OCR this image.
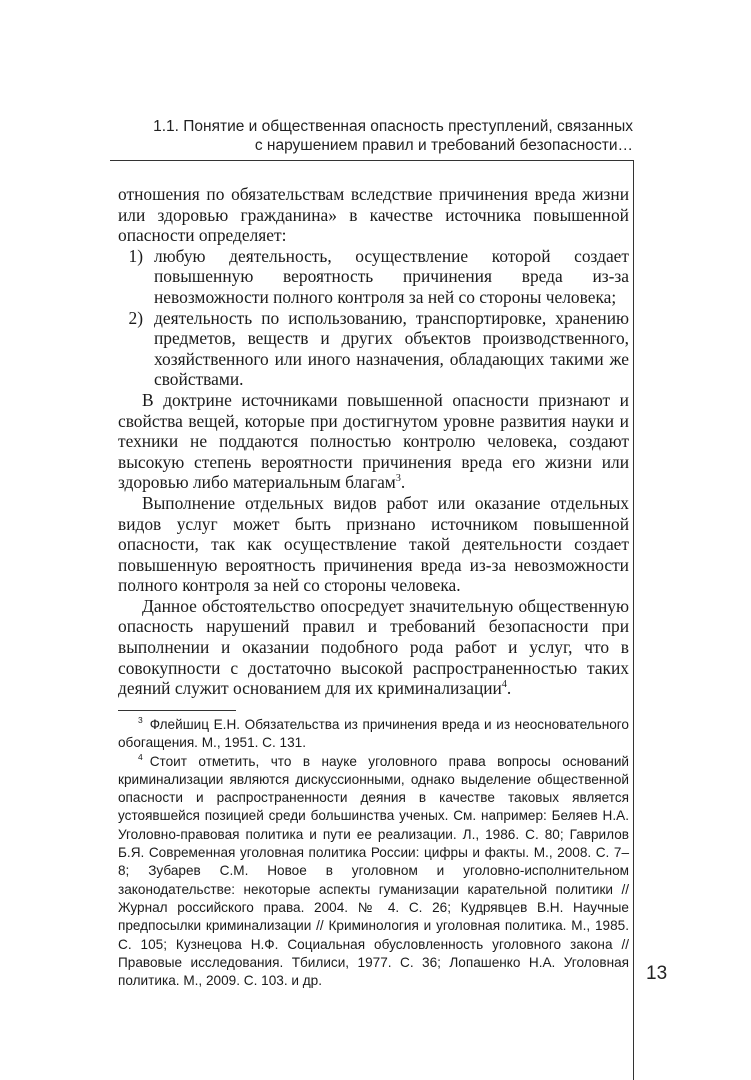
1.1. Понятие и общественная опасность преступлений, связанных
с нарушением правил и требований безопасности…

отношения по обязательствам вследствие причинения вреда жизни или здоровью гражданина» в качестве источника повышенной опасности определяет:

1) любую деятельность, осуществление которой создает повышенную вероятность причинения вреда из-за невозможности полного контроля за ней со стороны человека;
2) деятельность по использованию, транспортировке, хранению предметов, веществ и других объектов производственного, хозяйственного или иного назначения, обладающих такими же свойствами.

В доктрине источниками повышенной опасности признают и свойства вещей, которые при достигнутом уровне развития науки и техники не поддаются полностью контролю человека, создают высокую степень вероятности причинения вреда его жизни или здоровью либо материальным благам$^3$.

Выполнение отдельных видов работ или оказание отдельных видов услуг может быть признано источником повышенной опасности, так как осуществление такой деятельности создает повышенную вероятность причинения вреда из-за невозможности полного контроля за ней со стороны человека.

Данное обстоятельство опосредует значительную общественную опасность нарушений правил и требований безопасности при выполнении и оказании подобного рода работ и услуг, что в совокупности с достаточно высокой распространенностью таких деяний служит основанием для их криминализации$^4$.

$^3$ Флейшиц Е.Н. Обязательства из причинения вреда и из неосновательного обогащения. М., 1951. С. 131.

$^4$ Стоит отметить, что в науке уголовного права вопросы оснований криминализации являются дискуссионными, однако выделение общественной опасности и распространенности деяния в качестве таковых является устоявшейся позицией среди большинства ученых. См. например: Беляев Н.А. Уголовно-правовая политика и пути ее реализации. Л., 1986. С. 80; Гаврилов Б.Я. Современная уголовная политика России: цифры и факты. М., 2008. С. 7–8; Зубарев С.М. Новое в уголовном и уголовно-исполнительном законодательстве: некоторые аспекты гуманизации карательной политики // Журнал российского права. 2004. № 4. С. 26; Кудрявцев В.Н. Научные предпосылки криминализации // Криминология и уголовная политика. М., 1985. С. 105; Кузнецова Н.Ф. Социальная обусловленность уголовного закона // Правовые исследования. Тбилиси, 1977. С. 36; Лопашенко Н.А. Уголовная политика. М., 2009. С. 103. и др.	13
